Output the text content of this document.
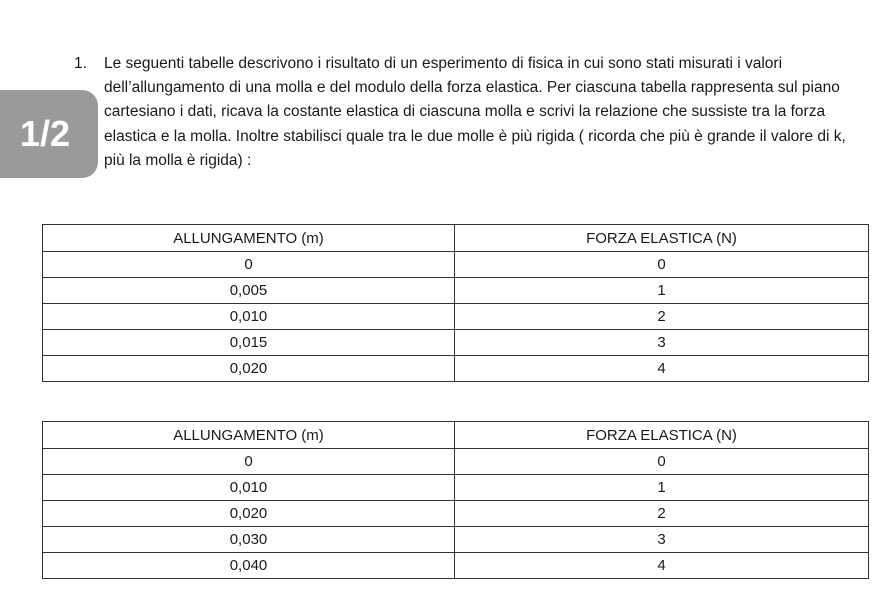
1/2
1. Le seguenti tabelle descrivono i risultato di un esperimento di fisica in cui sono stati misurati i valori dell’allungamento di una molla e del modulo della forza elastica. Per ciascuna tabella rappresenta sul piano cartesiano i dati, ricava la costante elastica di ciascuna molla e scrivi la relazione che sussiste tra la forza elastica e la molla. Inoltre stabilisci quale tra le due molle è più rigida ( ricorda che più è grande il valore di k, più la molla è rigida) :
ALLUNGAMENTO (m)	FORZA ELASTICA (N)
0	0
0,005	1
0,010	2
0,015	3
0,020	4
ALLUNGAMENTO (m)	FORZA ELASTICA (N)
0	0
0,010	1
0,020	2
0,030	3
0,040	4
